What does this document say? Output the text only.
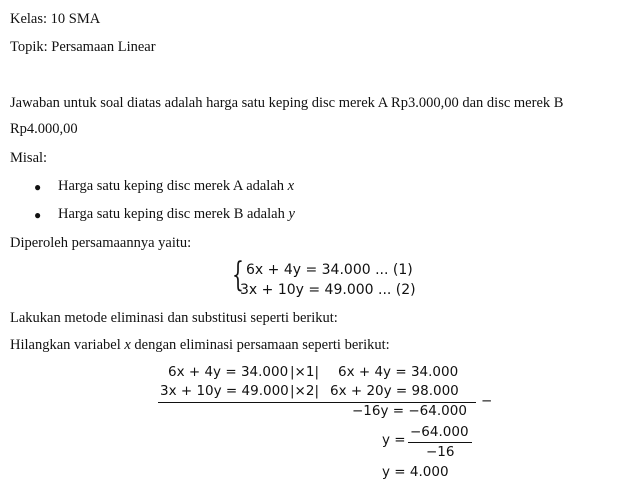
Kelas: 10 SMA
Topik: Persamaan Linear
Jawaban untuk soal diatas adalah harga satu keping disc merek A Rp3.000,00 dan disc merek B
Rp4.000,00
Misal:
● Harga satu keping disc merek A adalah x
● Harga satu keping disc merek B adalah y
Diperoleh persamaannya yaitu:
{ 6x + 4y = 34.000 ... (1)
3x + 10y = 49.000 ... (2)
Lakukan metode eliminasi dan substitusi seperti berikut:
Hilangkan variabel x dengan eliminasi persamaan seperti berikut:
6x + 4y = 34.000 |×1| 6x + 4y = 34.000
3x + 10y = 49.000 |×2| 6x + 20y = 98.000
−
−16y = −64.000
y = −64.000
−16
y = 4.000
